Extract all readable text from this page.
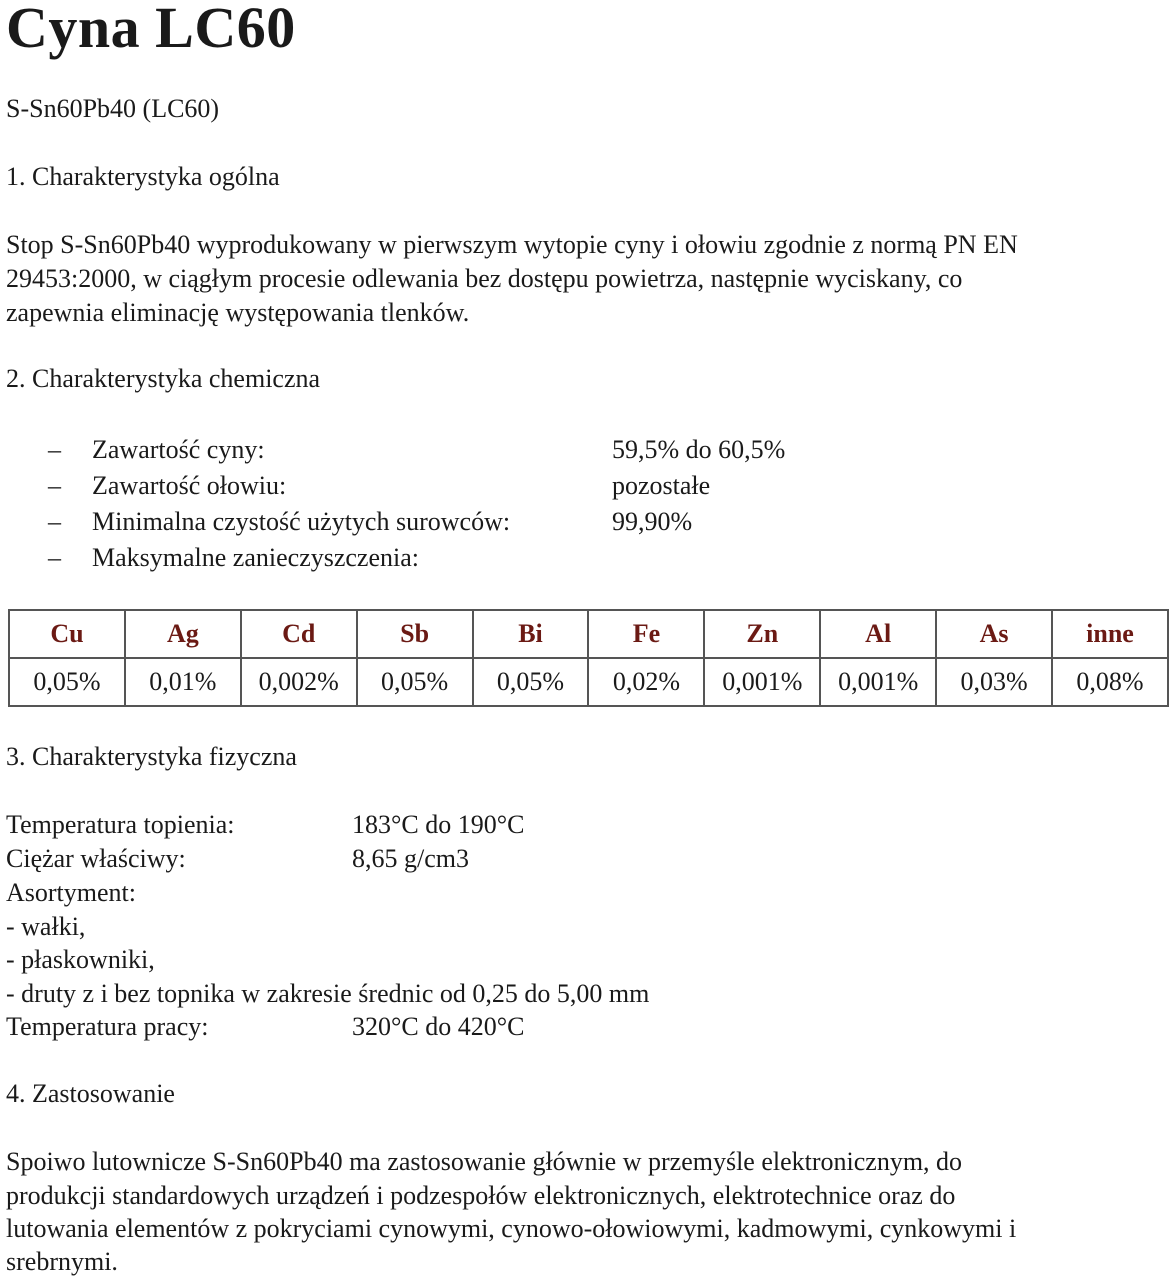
Cyna LC60
S-Sn60Pb40 (LC60)
1. Charakterystyka ogólna
Stop S-Sn60Pb40 wyprodukowany w pierwszym wytopie cyny i ołowiu zgodnie z normą PN EN
29453:2000, w ciągłym procesie odlewania bez dostępu powietrza, następnie wyciskany, co
zapewnia eliminację występowania tlenków.
2. Charakterystyka chemiczna
– Zawartość cyny:	59,5% do 60,5%
– Zawartość ołowiu:	pozostałe
– Minimalna czystość użytych surowców:	99,90%
– Maksymalne zanieczyszczenia:
Cu	Ag	Cd	Sb	Bi	Fe	Zn	Al	As	inne
0,05%	0,01%	0,002%	0,05%	0,05%	0,02%	0,001%	0,001%	0,03%	0,08%
3. Charakterystyka fizyczna
Temperatura topienia:	183°C do 190°C
Ciężar właściwy:	8,65 g/cm3
Asortyment:
- wałki,
- płaskowniki,
- druty z i bez topnika w zakresie średnic od 0,25 do 5,00 mm
Temperatura pracy:	320°C do 420°C
4. Zastosowanie
Spoiwo lutownicze S-Sn60Pb40 ma zastosowanie głównie w przemyśle elektronicznym, do
produkcji standardowych urządzeń i podzespołów elektronicznych, elektrotechnice oraz do
lutowania elementów z pokryciami cynowymi, cynowo-ołowiowymi, kadmowymi, cynkowymi i
srebrnymi.
